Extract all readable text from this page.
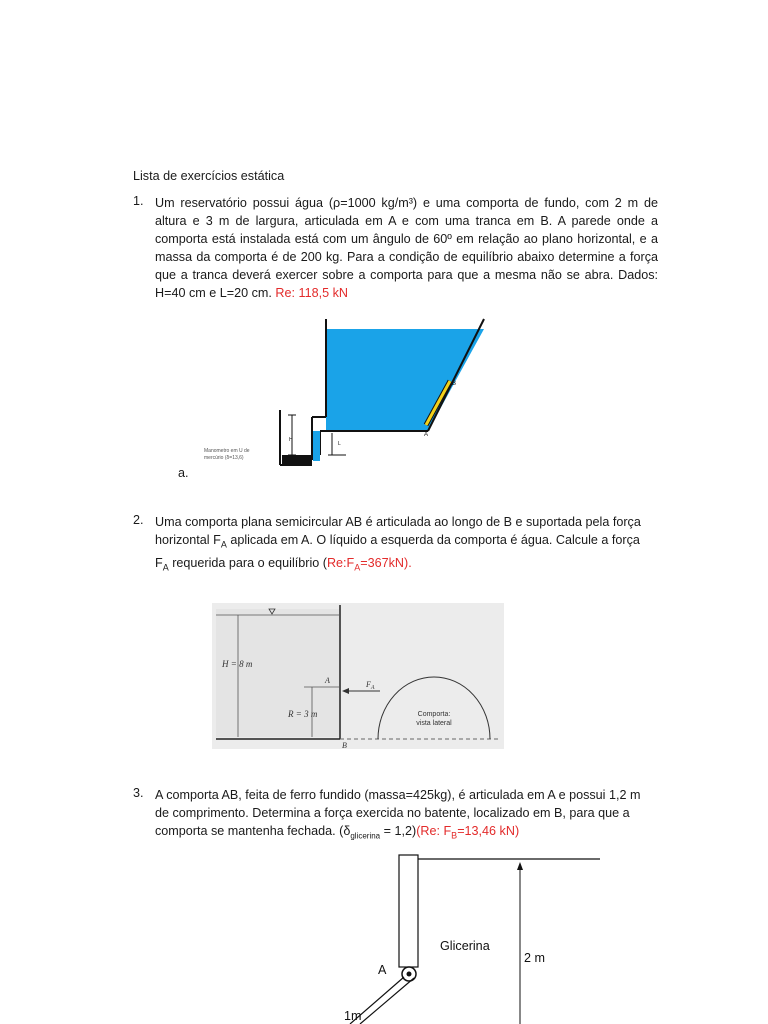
Lista de exercícios estática
1. Um reservatório possui água (ρ=1000 kg/m³) e uma comporta de fundo, com 2 m de altura e 3 m de largura, articulada em A e com uma tranca em B. A parede onde a comporta está instalada está com um ângulo de 60º em relação ao plano horizontal, e a massa da comporta é de 200 kg. Para a condição de equilíbrio abaixo determine a força que a tranca deverá exercer sobre a comporta para que a mesma não se abra. Dados: H=40 cm e L=20 cm. Re: 118,5 kN
B
A
L
H
Manometro em U de
mercúrio (δ=13,6)
a.
2. Uma comporta plana semicircular AB é articulada ao longo de B e suportada pela força
horizontal $F_A$ aplicada em A. O líquido a esquerda da comporta é água. Calcule a força
$F_A$ requerida para o equilíbrio $(Re:F_A=367kN)$.
H = 8 m
R = 3 m
A
B
$F_A$
Comporta:
vista lateral
3. A comporta AB, feita de ferro fundido (massa=425kg), é articulada em A e possui 1,2 m
de comprimento. Determina a força exercida no batente, localizado em B, para que a
comporta se mantenha fechada. $(\delta_{glicerina} = 1,2)(Re$: $F_B=13,46$ kN)
Glicerina
2 m
A
1m
